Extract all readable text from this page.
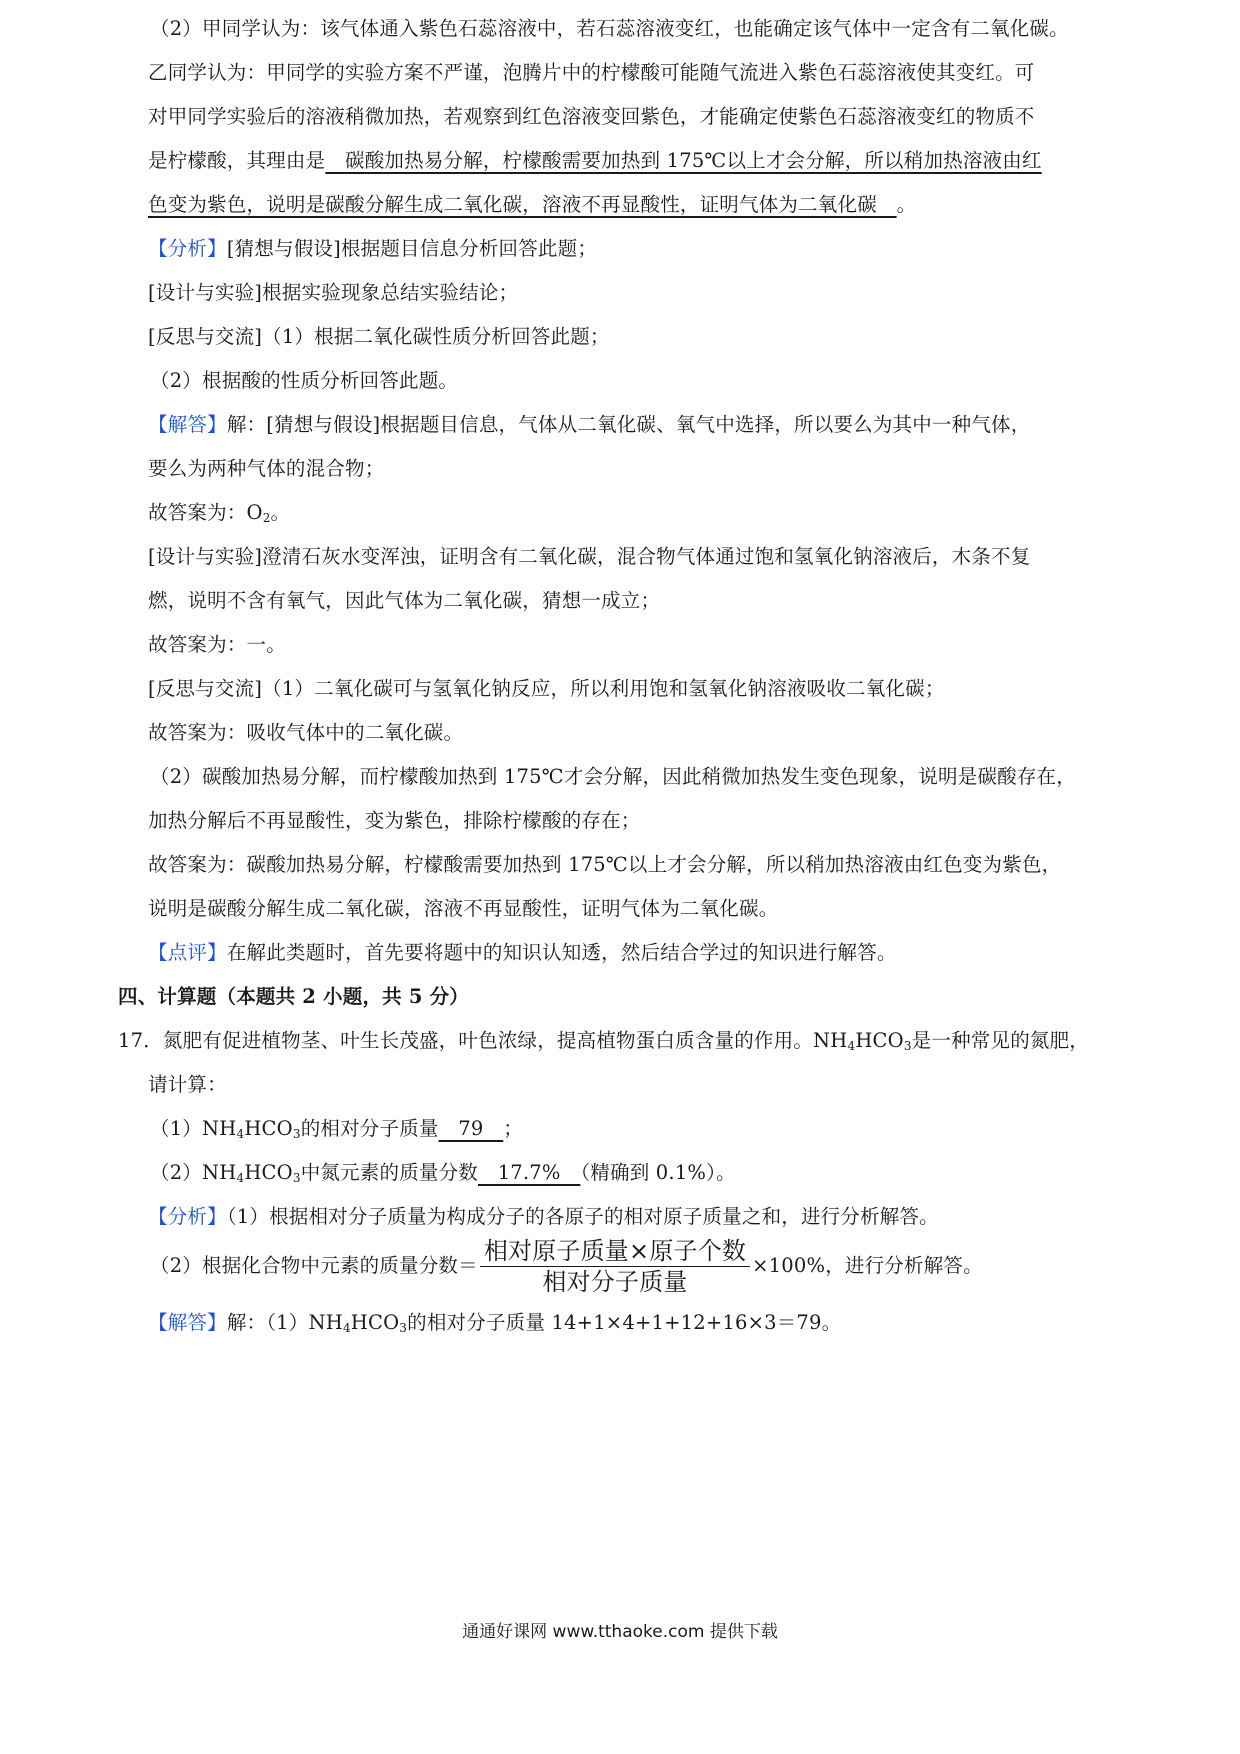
（2）甲同学认为：该气体通入紫色石蕊溶液中，若石蕊溶液变红，也能确定该气体中一定含有二氧化碳。
乙同学认为：甲同学的实验方案不严谨，泡腾片中的柠檬酸可能随气流进入紫色石蕊溶液使其变红。可
对甲同学实验后的溶液稍微加热，若观察到红色溶液变回紫色，才能确定使紫色石蕊溶液变红的物质不
是柠檬酸，其理由是　碳酸加热易分解，柠檬酸需要加热到 175℃以上才会分解，所以稍加热溶液由红
色变为紫色，说明是碳酸分解生成二氧化碳，溶液不再显酸性，证明气体为二氧化碳　。
【分析】[猜想与假设]根据题目信息分析回答此题；
[设计与实验]根据实验现象总结实验结论；
[反思与交流]（1）根据二氧化碳性质分析回答此题；
（2）根据酸的性质分析回答此题。
【解答】解：[猜想与假设]根据题目信息，气体从二氧化碳、氧气中选择，所以要么为其中一种气体，
要么为两种气体的混合物；
故答案为：$O_2$。
[设计与实验]澄清石灰水变浑浊，证明含有二氧化碳，混合物气体通过饱和氢氧化钠溶液后，木条不复
燃，说明不含有氧气，因此气体为二氧化碳，猜想一成立；
故答案为：一。
[反思与交流]（1）二氧化碳可与氢氧化钠反应，所以利用饱和氢氧化钠溶液吸收二氧化碳；
故答案为：吸收气体中的二氧化碳。
（2）碳酸加热易分解，而柠檬酸加热到 175℃才会分解，因此稍微加热发生变色现象，说明是碳酸存在，
加热分解后不再显酸性，变为紫色，排除柠檬酸的存在；
故答案为：碳酸加热易分解，柠檬酸需要加热到 175℃以上才会分解，所以稍加热溶液由红色变为紫色，
说明是碳酸分解生成二氧化碳，溶液不再显酸性，证明气体为二氧化碳。
【点评】在解此类题时，首先要将题中的知识认知透，然后结合学过的知识进行解答。
四、计算题（本题共 2 小题，共 5 分）
17．氮肥有促进植物茎、叶生长茂盛，叶色浓绿，提高植物蛋白质含量的作用。$NH_4HCO_3$是一种常见的氮肥，
请计算：
$(1)NH_4HCO_3$的相对分子质量　79　；
$(2)NH_4HCO_3$中氮元素的质量分数　17.7%　（精确到 0.1%）。
【分析】（1）根据相对分子质量为构成分子的各原子的相对原子质量之和，进行分析解答。
（2）根据化合物中元素的质量分数＝ $\frac{\text{相对原子质量×原子个数}}{\text{相对分子质量}} \times 100\%$，进行分析解答。
【解答】解：$(1)NH_4HCO_3$的相对分子质量 14+1×4+1+12+16×3＝79。
通通好课网 www.tthaoke.com 提供下载
